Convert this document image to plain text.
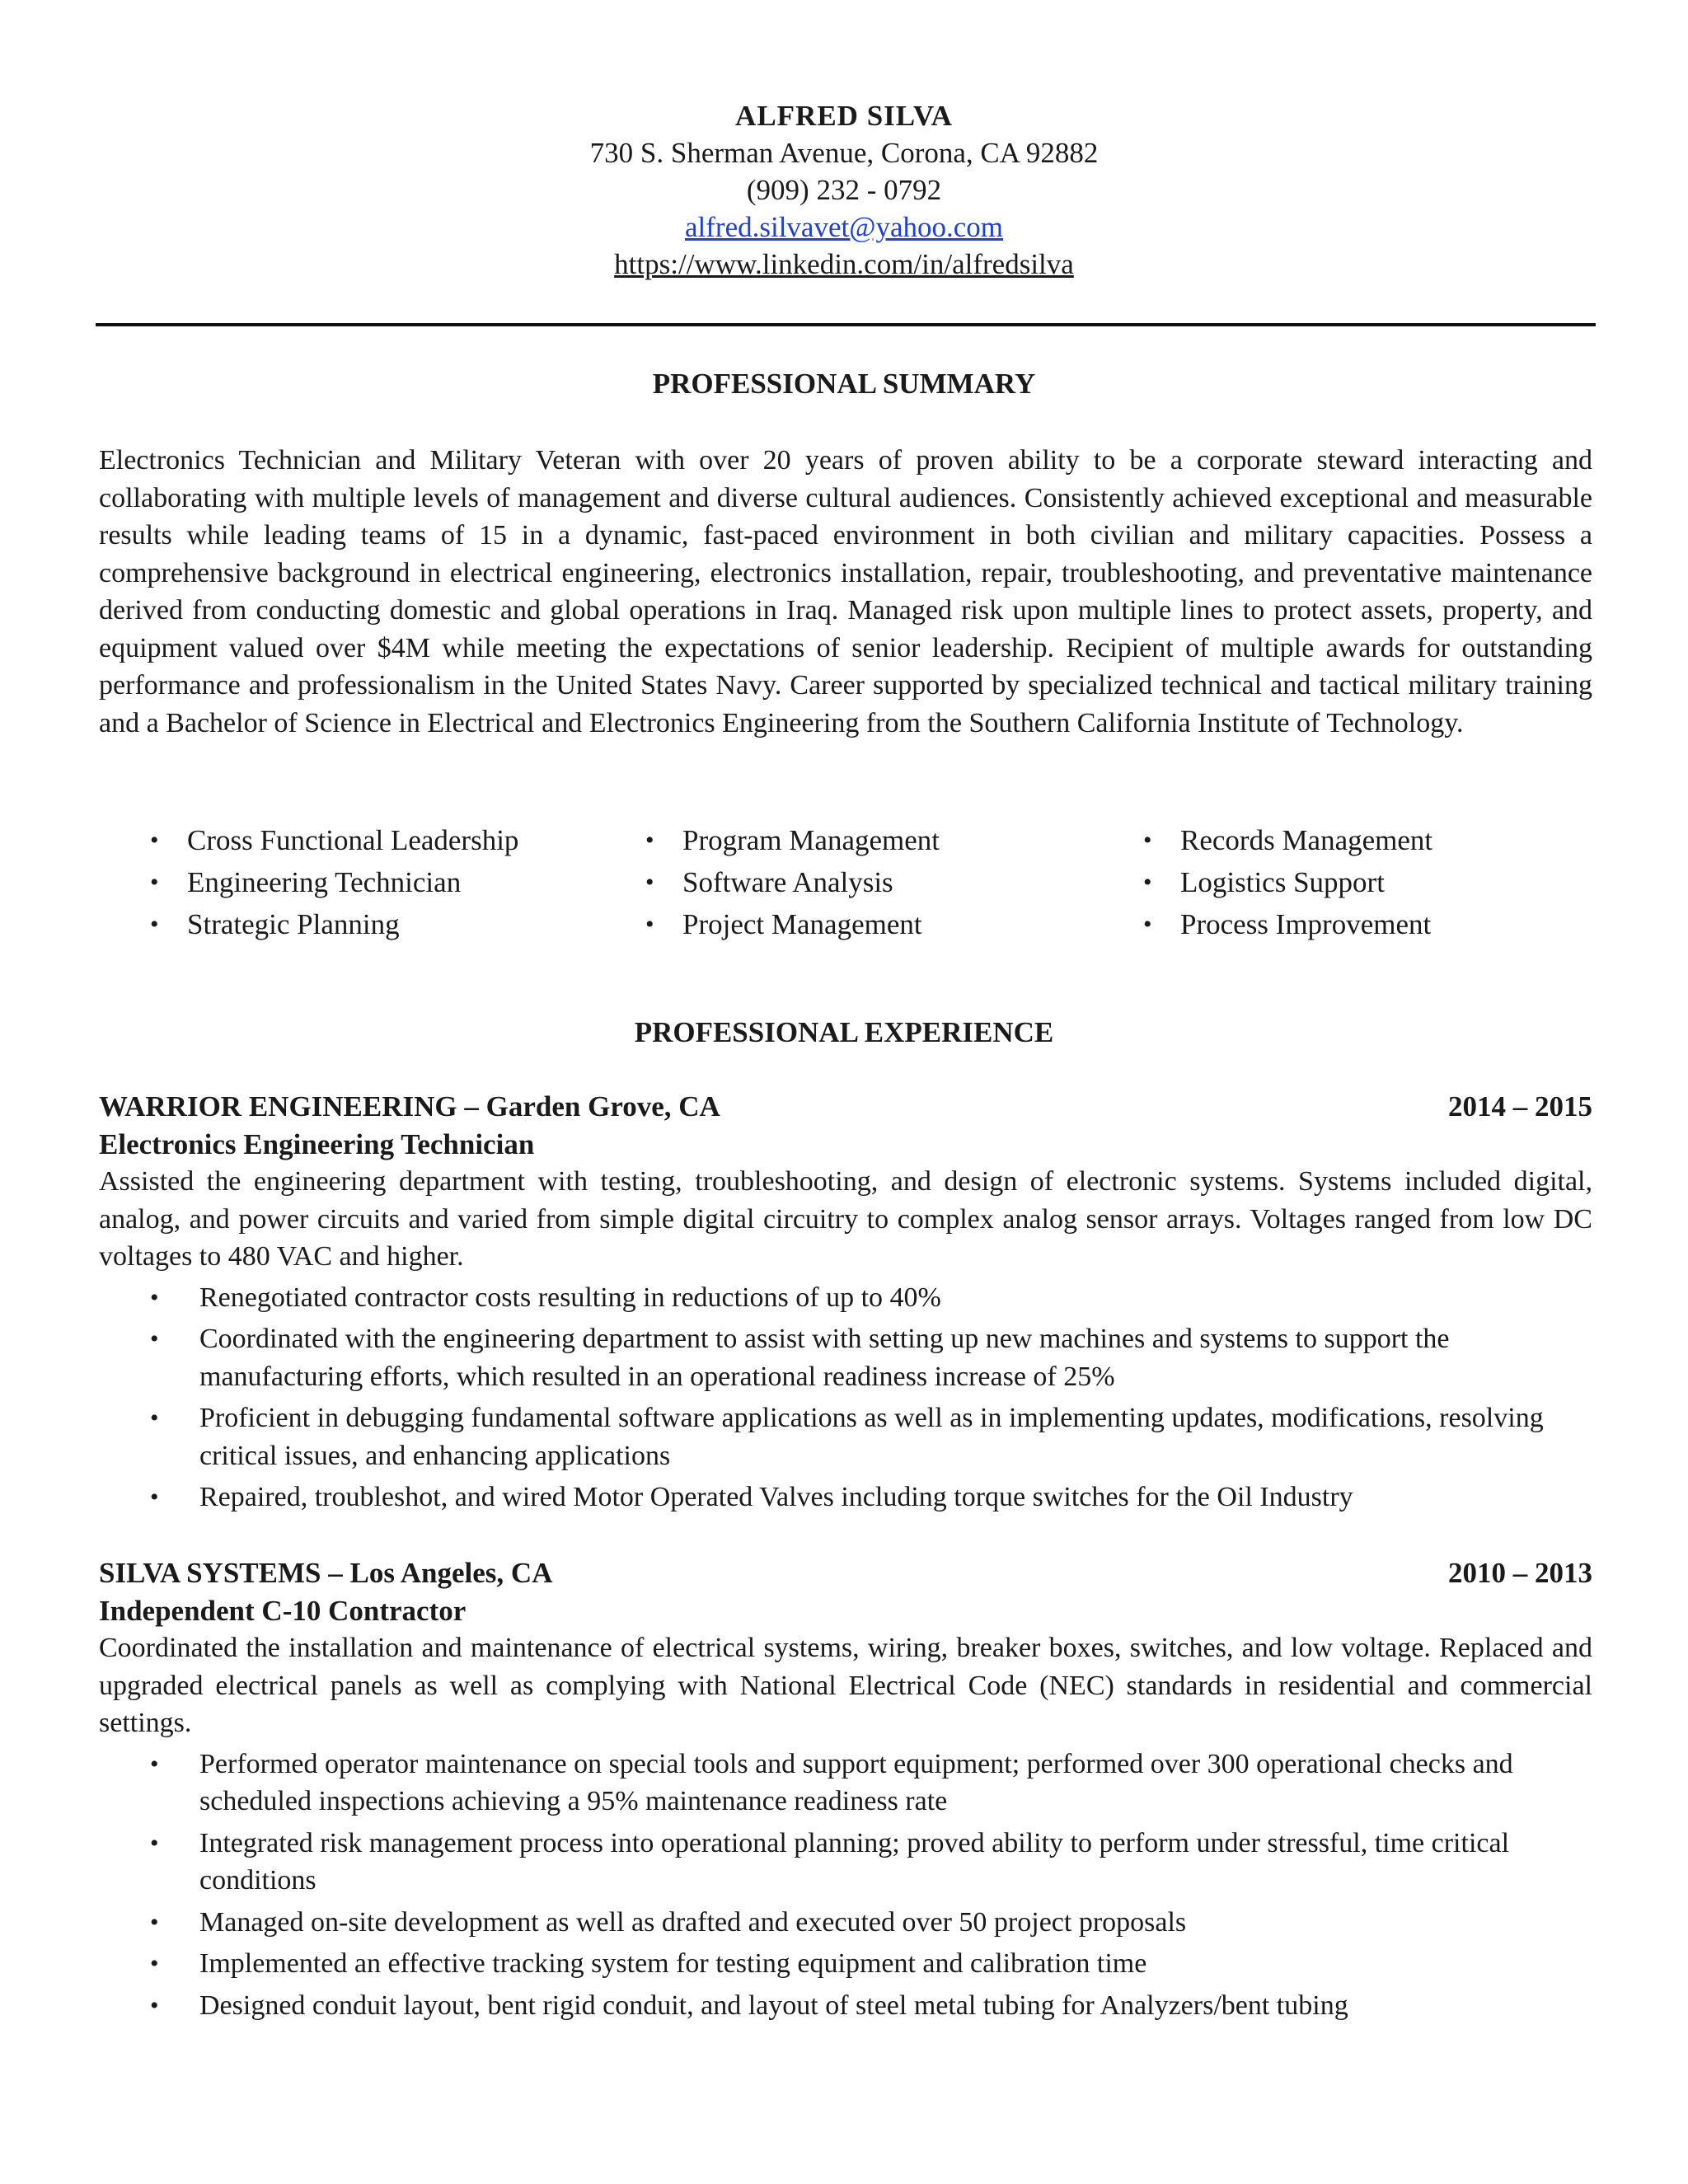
ALFRED SILVA
730 S. Sherman Avenue, Corona, CA 92882
(909) 232 - 0792
alfred.silvavet@yahoo.com
https://www.linkedin.com/in/alfredsilva
PROFESSIONAL SUMMARY
Electronics Technician and Military Veteran with over 20 years of proven ability to be a corporate steward interacting and collaborating with multiple levels of management and diverse cultural audiences. Consistently achieved exceptional and measurable results while leading teams of 15 in a dynamic, fast-paced environment in both civilian and military capacities. Possess a comprehensive background in electrical engineering, electronics installation, repair, troubleshooting, and preventative maintenance derived from conducting domestic and global operations in Iraq. Managed risk upon multiple lines to protect assets, property, and equipment valued over $4M while meeting the expectations of senior leadership. Recipient of multiple awards for outstanding performance and professionalism in the United States Navy. Career supported by specialized technical and tactical military training and a Bachelor of Science in Electrical and Electronics Engineering from the Southern California Institute of Technology.
• Cross Functional Leadership
• Engineering Technician
• Strategic Planning
• Program Management
• Software Analysis
• Project Management
• Records Management
• Logistics Support
• Process Improvement
PROFESSIONAL EXPERIENCE
WARRIOR ENGINEERING – Garden Grove, CA	2014 – 2015
Electronics Engineering Technician
Assisted the engineering department with testing, troubleshooting, and design of electronic systems. Systems included digital, analog, and power circuits and varied from simple digital circuitry to complex analog sensor arrays. Voltages ranged from low DC voltages to 480 VAC and higher.
• Renegotiated contractor costs resulting in reductions of up to 40%
• Coordinated with the engineering department to assist with setting up new machines and systems to support the manufacturing efforts, which resulted in an operational readiness increase of 25%
• Proficient in debugging fundamental software applications as well as in implementing updates, modifications, resolving critical issues, and enhancing applications
• Repaired, troubleshot, and wired Motor Operated Valves including torque switches for the Oil Industry
SILVA SYSTEMS – Los Angeles, CA	2010 – 2013
Independent C-10 Contractor
Coordinated the installation and maintenance of electrical systems, wiring, breaker boxes, switches, and low voltage. Replaced and upgraded electrical panels as well as complying with National Electrical Code (NEC) standards in residential and commercial settings.
• Performed operator maintenance on special tools and support equipment; performed over 300 operational checks and scheduled inspections achieving a 95% maintenance readiness rate
• Integrated risk management process into operational planning; proved ability to perform under stressful, time critical conditions
• Managed on-site development as well as drafted and executed over 50 project proposals
• Implemented an effective tracking system for testing equipment and calibration time
• Designed conduit layout, bent rigid conduit, and layout of steel metal tubing for Analyzers/bent tubing
